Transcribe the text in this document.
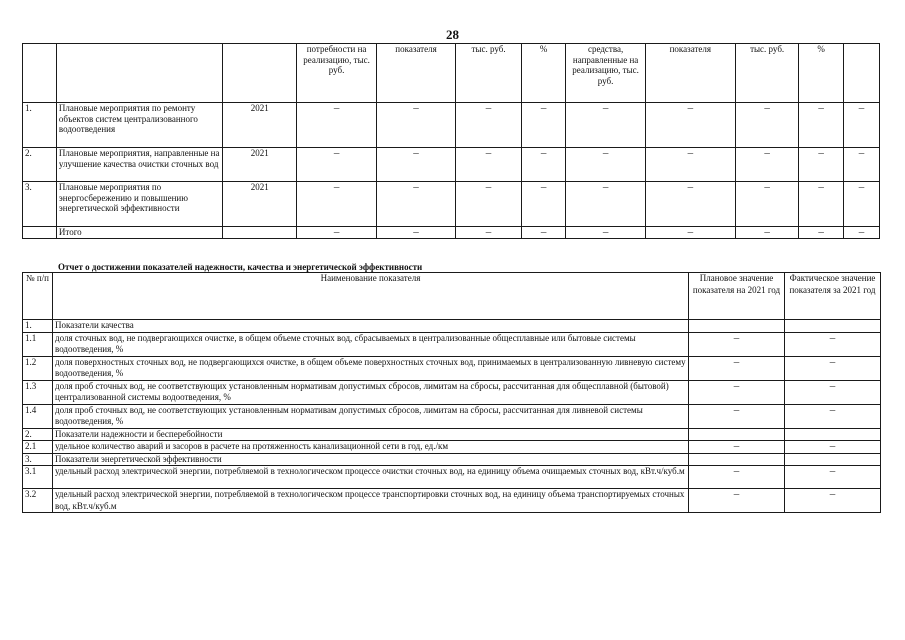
28
			потребности на реализацию, тыс. руб.	показателя	тыс. руб.	%	средства, направленные на реализацию, тыс. руб.	показателя	тыс. руб.	%	
1.	Плановые мероприятия по ремонту объектов систем централизованного водоотведения	2021	–	–	–	–	–	–	–	–	–
2.	Плановые мероприятия, направленные на улучшение качества очистки сточных вод	2021	–	–	–	–	–	–	–	–	–
3.	Плановые мероприятия по энергосбережению и повышению энергетической эффективности	2021	–	–	–	–	–	–	–	–	–
	Итого		–	–	–	–	–	–	–	–	–
Отчет о достижении показателей надежности, качества и энергетической эффективности
№ п/п	Наименование показателя	Плановое значение показателя на 2021 год	Фактическое значение показателя за 2021 год
1.	Показатели качества		
1.1	доля сточных вод, не подвергающихся очистке, в общем объеме сточных вод, сбрасываемых в централизованные общесплавные или бытовые системы водоотведения, %	–	–
1.2	доля поверхностных сточных вод, не подвергающихся очистке, в общем объеме поверхностных сточных вод, принимаемых в централизованную ливневую систему водоотведения, %	–	–
1.3	доля проб сточных вод, не соответствующих установленным нормативам допустимых сбросов, лимитам на сбросы, рассчитанная для общесплавной (бытовой) централизованной системы водоотведения, %	–	–
1.4	доля проб сточных вод, не соответствующих установленным нормативам допустимых сбросов, лимитам на сбросы, рассчитанная для ливневой системы водоотведения, %	–	–
2.	Показатели надежности и бесперебойности		
2.1	удельное количество аварий и засоров в расчете на протяженность канализационной сети в год, ед./км	–	–
3.	Показатели энергетической эффективности		
3.1	удельный расход электрической энергии, потребляемой в технологическом процессе очистки сточных вод, на единицу объема очищаемых сточных вод, кВт.ч/куб.м	–	–
3.2	удельный расход электрической энергии, потребляемой в технологическом процессе транспортировки сточных вод, на единицу объема транспортируемых сточных вод, кВт.ч/куб.м	–	–
